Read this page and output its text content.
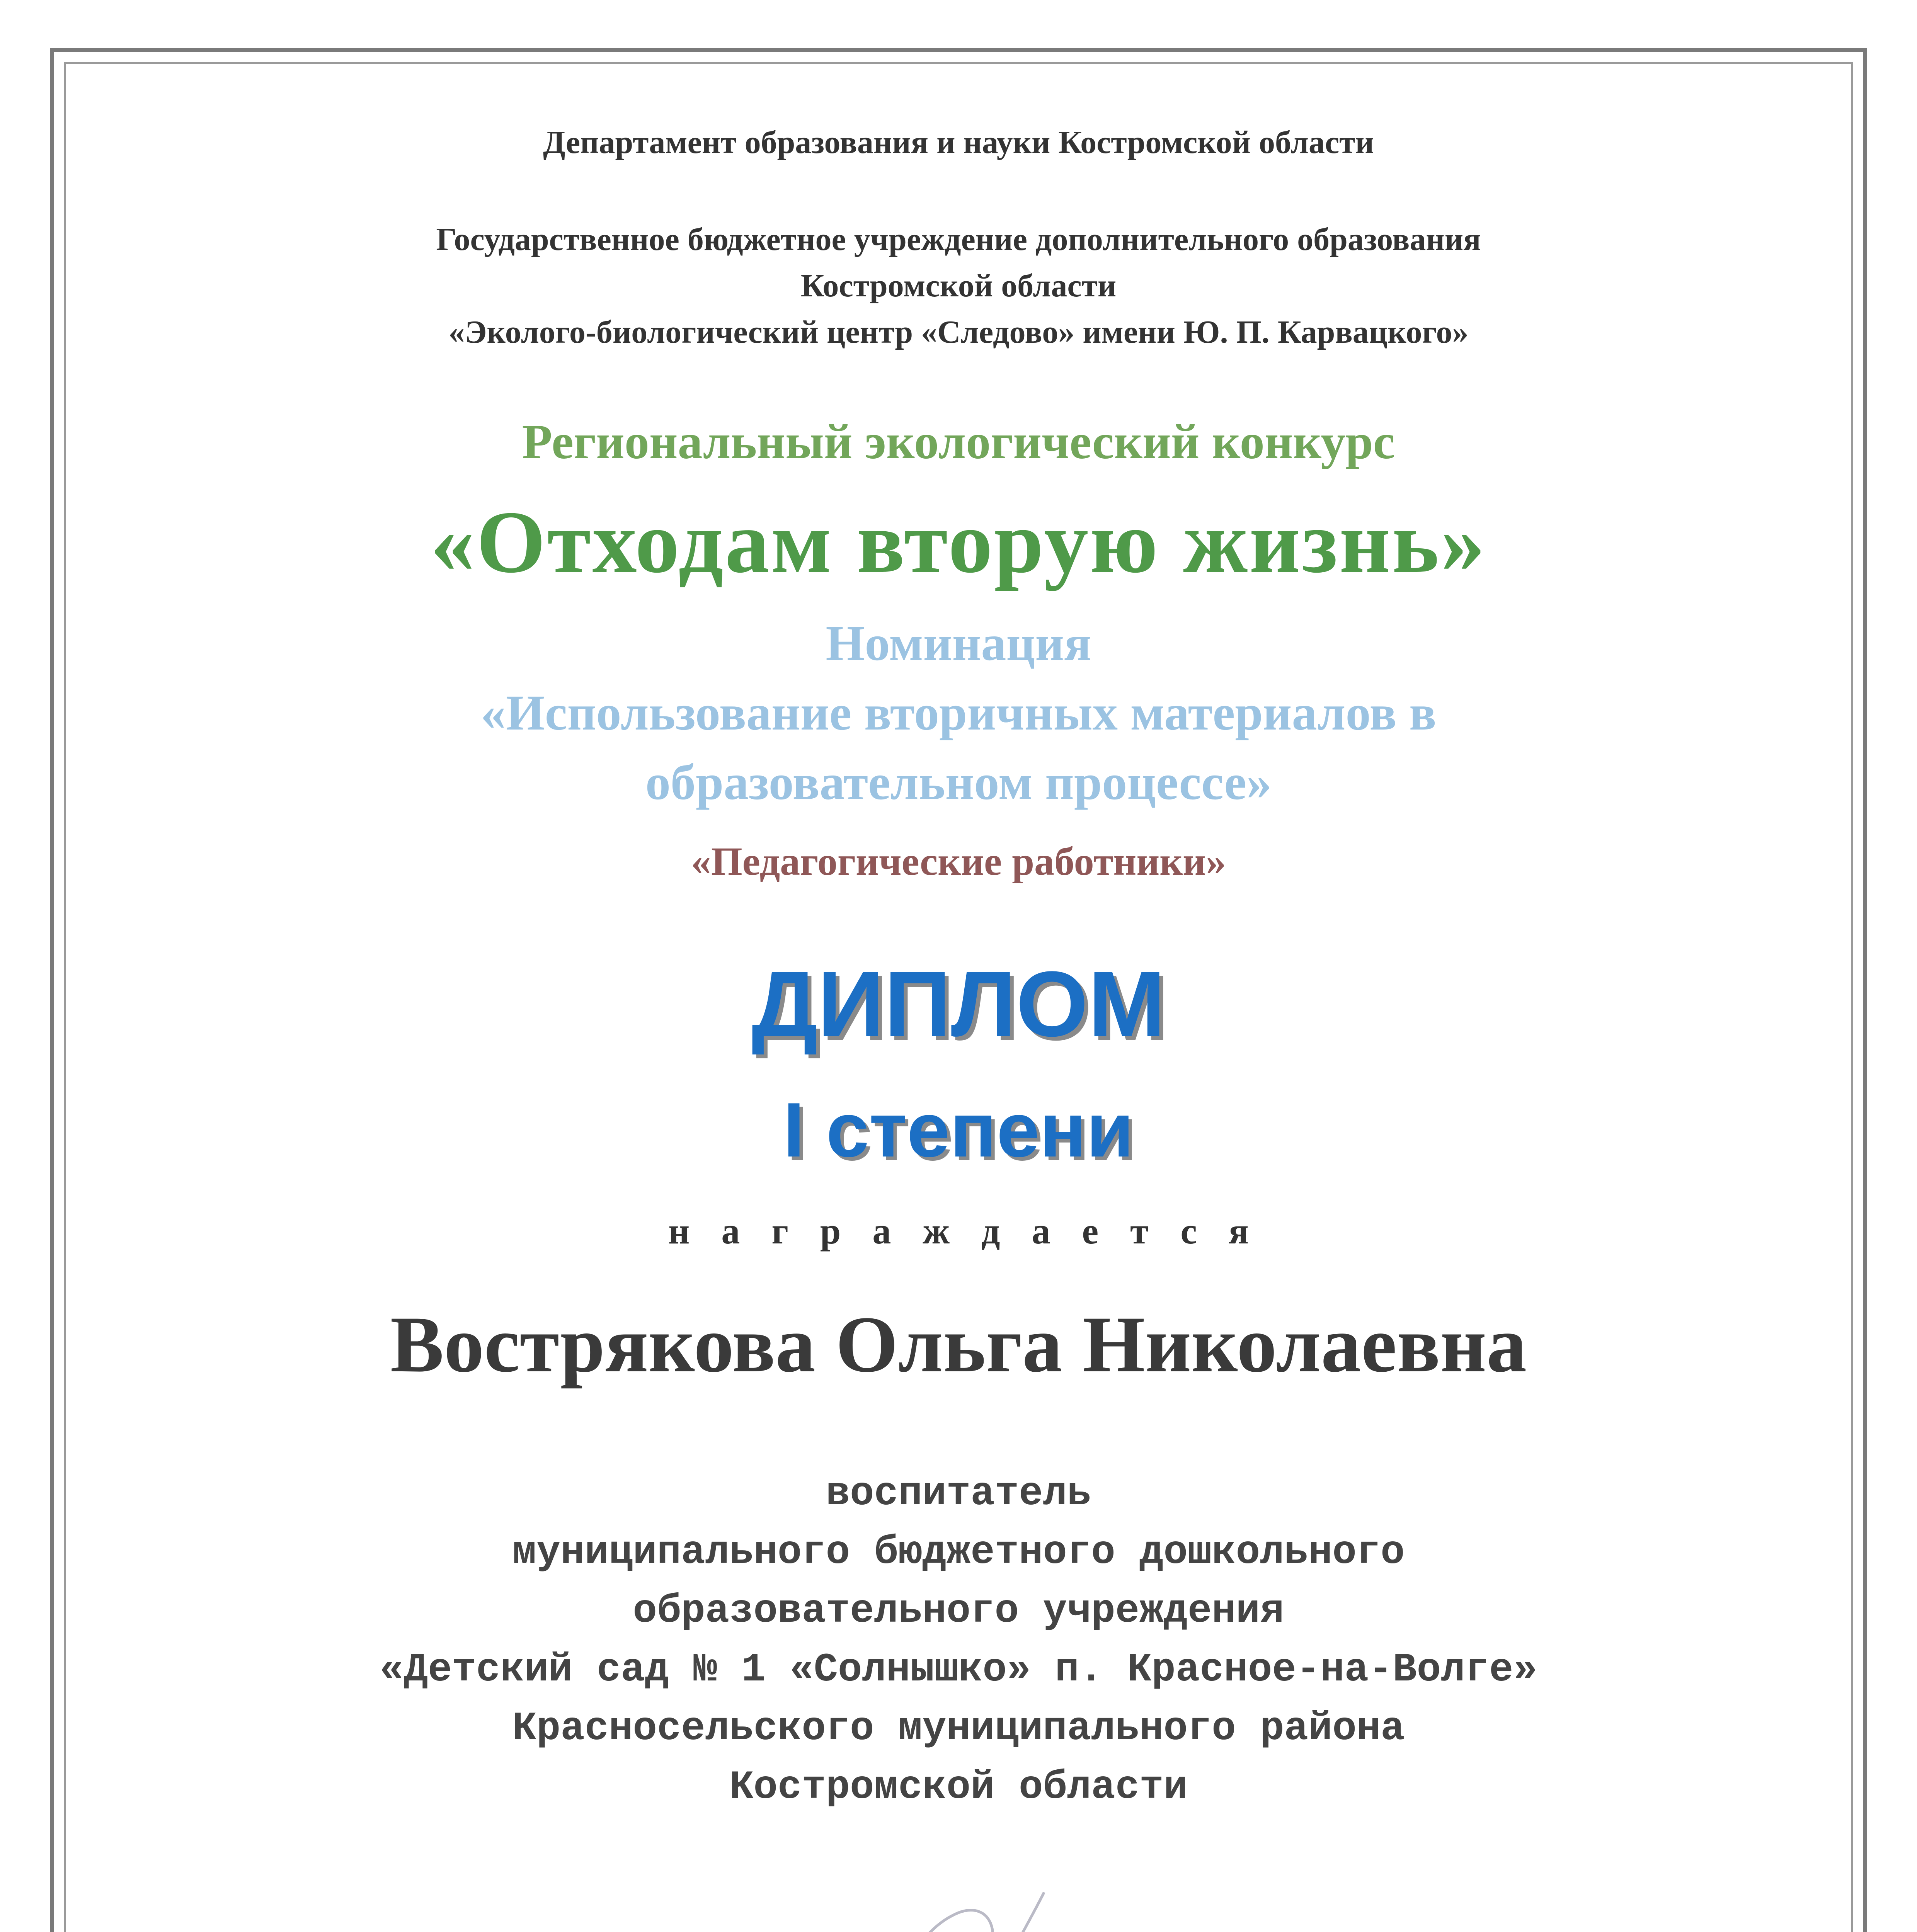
Департамент образования и науки Костромской области
Государственное бюджетное учреждение дополнительного образования
Костромской области
«Эколого-биологический центр «Следово» имени Ю. П. Карвацкого»
Региональный экологический конкурс
«Отходам вторую жизнь»
Номинация
«Использование вторичных материалов в
образовательном процессе»
«Педагогические работники»
ДИПЛОМ
I степени
награждается
Вострякова Ольга Николаевна
воспитатель
муниципального бюджетного дошкольного
образовательного учреждения
«Детский сад № 1 «Солнышко» п. Красное-на-Волге»
Красносельского муниципального района
Костромской области
